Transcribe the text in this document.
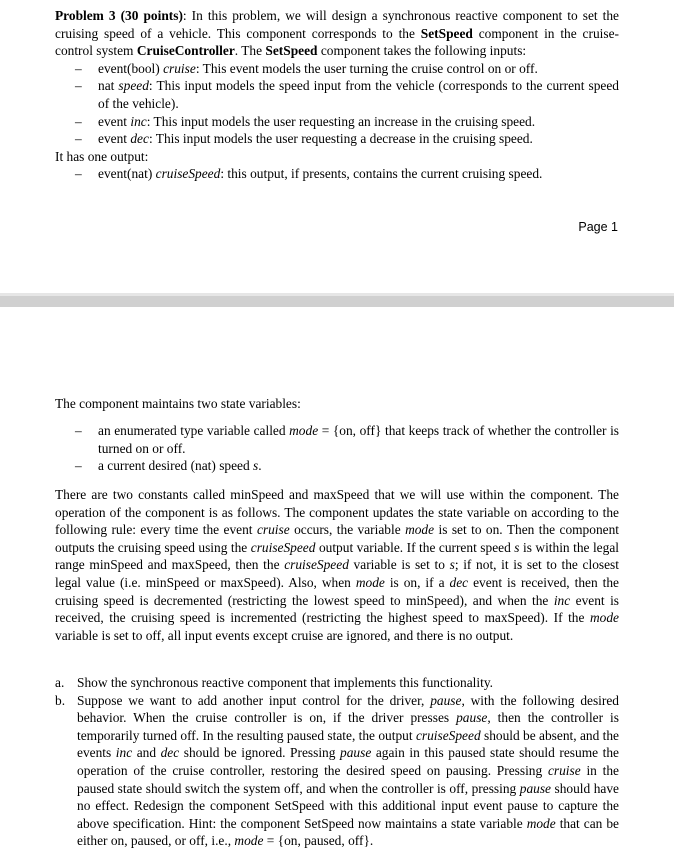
Problem 3 (30 points): In this problem, we will design a synchronous reactive component to set the cruising speed of a vehicle. This component corresponds to the SetSpeed component in the cruise-control system CruiseController. The SetSpeed component takes the following inputs:

– event(bool) cruise: This event models the user turning the cruise control on or off.
– nat speed: This input models the speed input from the vehicle (corresponds to the current speed of the vehicle).
– event inc: This input models the user requesting an increase in the cruising speed.
– event dec: This input models the user requesting a decrease in the cruising speed.

It has one output:

– event(nat) cruiseSpeed: this output, if presents, contains the current cruising speed.
Page 1

The component maintains two state variables:

– an enumerated type variable called mode = {on, off} that keeps track of whether the controller is turned on or off.
– a current desired (nat) speed s.

There are two constants called minSpeed and maxSpeed that we will use within the component. The operation of the component is as follows. The component updates the state variable on according to the following rule: every time the event cruise occurs, the variable mode is set to on. Then the component outputs the cruising speed using the cruiseSpeed output variable. If the current speed s is within the legal range minSpeed and maxSpeed, then the cruiseSpeed variable is set to s; if not, it is set to the closest legal value (i.e. minSpeed or maxSpeed). Also, when mode is on, if a dec event is received, then the cruising speed is decremented (restricting the lowest speed to minSpeed), and when the inc event is received, the cruising speed is incremented (restricting the highest speed to maxSpeed). If the mode variable is set to off, all input events except cruise are ignored, and there is no output.

a. Show the synchronous reactive component that implements this functionality.
b. Suppose we want to add another input control for the driver, pause, with the following desired behavior. When the cruise controller is on, if the driver presses pause, then the controller is temporarily turned off. In the resulting paused state, the output cruiseSpeed should be absent, and the events inc and dec should be ignored. Pressing pause again in this paused state should resume the operation of the cruise controller, restoring the desired speed on pausing. Pressing cruise in the paused state should switch the system off, and when the controller is off, pressing pause should have no effect. Redesign the component SetSpeed with this additional input event pause to capture the above specification. Hint: the component SetSpeed now maintains a state variable mode that can be either on, paused, or off, i.e., mode = {on, paused, off}.
